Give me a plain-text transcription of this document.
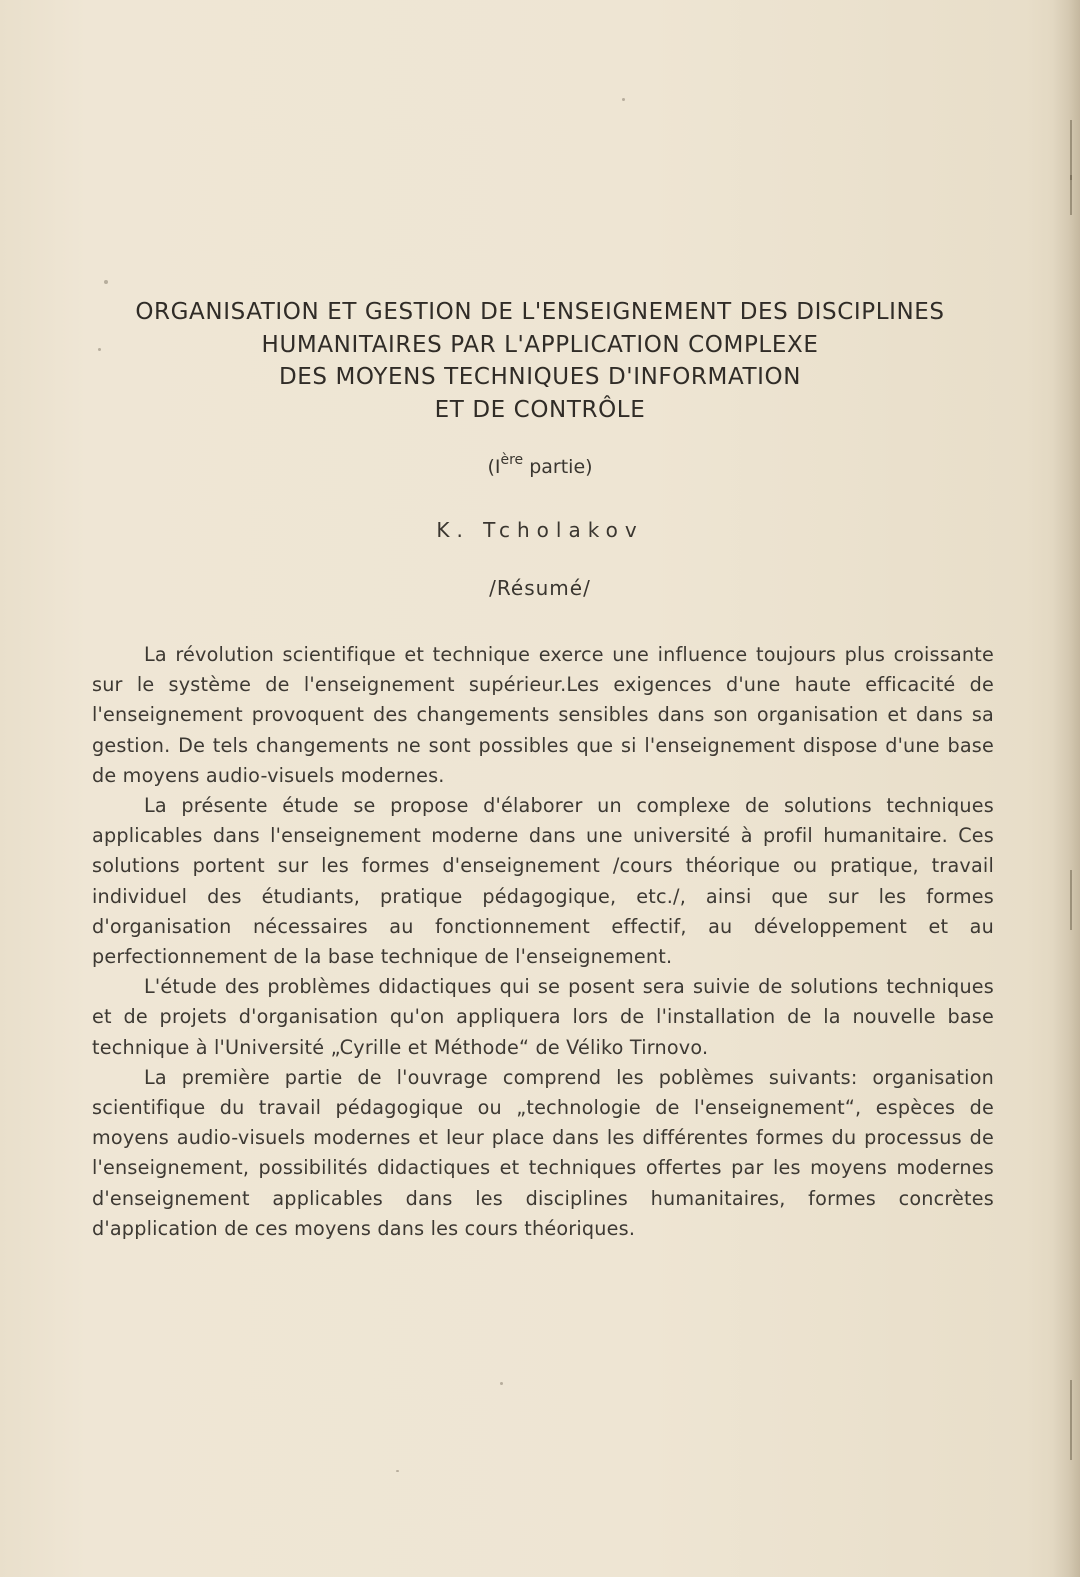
ORGANISATION ET GESTION DE L'ENSEIGNEMENT DES DISCIPLINES
HUMANITAIRES PAR L'APPLICATION COMPLEXE
DES MOYENS TECHNIQUES D'INFORMATION
ET DE CONTRÔLE
(Ière partie)
K. Tcholakov
/Résumé/

La révolution scientifique et technique exerce une influence toujours plus croissante sur le système de l'enseignement supérieur.Les exigences d'une haute efficacité de l'enseignement provoquent des changements sensibles dans son organisation et dans sa gestion. De tels changements ne sont possibles que si l'enseignement dispose d'une base de moyens audio-visuels modernes.

La présente étude se propose d'élaborer un complexe de solutions techniques applicables dans l'enseignement moderne dans une université à profil humanitaire. Ces solutions portent sur les formes d'enseignement /cours théorique ou pratique, travail individuel des étudiants, pratique pédagogique, etc./, ainsi que sur les formes d'organisation nécessaires au fonctionnement effectif, au développement et au perfectionnement de la base technique de l'enseignement.

L'étude des problèmes didactiques qui se posent sera suivie de solutions techniques et de projets d'organisation qu'on appliquera lors de l'installation de la nouvelle base technique à l'Université „Cyrille et Méthode“ de Véliko Tirnovo.

La première partie de l'ouvrage comprend les poblèmes suivants: organisation scientifique du travail pédagogique ou „technologie de l'enseignement“, espèces de moyens audio-visuels modernes et leur place dans les différentes formes du processus de l'enseignement, possibilités didactiques et techniques offertes par les moyens modernes d'enseignement applicables dans les disciplines humanitaires, formes concrètes d'application de ces moyens dans les cours théoriques.
